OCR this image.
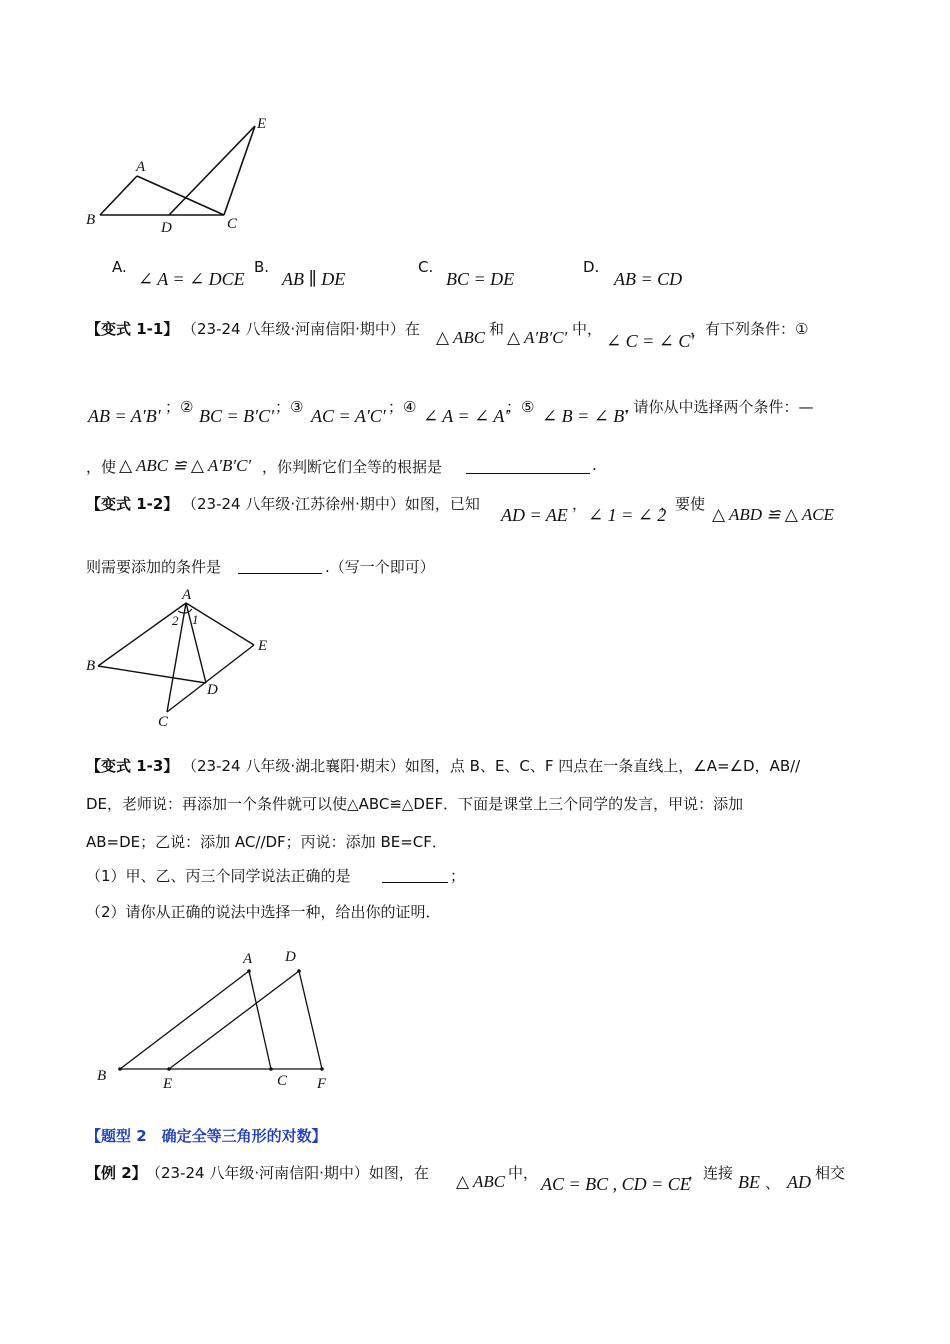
A
B	D	C
E
A.
∠ A = ∠ DCE
B.
AB ∥ DE
C.
BC = DE
D.
AB = CD
【变式 1-1】 （23-24 八年级·河南信阳·期中）在 △ ABC 和 △ A′B′C′ 中，
∠ C = ∠ C′
，有下列条件：①
AB = A′B′ ；② BC = B′C′ ；③ AC = A′C′ ；④ ∠ A = ∠ A′
；⑤ ∠ B = ∠ B′
. 请你从中选择两个条件：—
，使 △ ABC ≌ △ A′B′C′ ，你判断它们全等的根据是	.
【变式 1-2】 （23-24 八年级·江苏徐州·期中）如图，已知
AD = AE
，
∠ 1 = ∠ 2
，要使
△ ABD ≌ △ ACE
则需要添加的条件是	.（写一个即可）
A
B
C
D
E
2 1
【变式 1-3】 （23-24 八年级·湖北襄阳·期末）如图，点 B、E、C、F 四点在一条直线上，∠A=∠D，AB//
DE，老师说：再添加一个条件就可以使△ABC≌△DEF．下面是课堂上三个同学的发言，甲说：添加
AB=DE；乙说：添加 AC//DF；丙说：添加 BE=CF．
（1）甲、乙、丙三个同学说法正确的是	；
（2）请你从正确的说法中选择一种，给出你的证明．
A D
B	E	C F
【题型 2　确定全等三角形的对数】
【例 2】 （23-24 八年级·河南信阳·期中）如图，在 △ ABC 中，
AC = BC , CD = CE
，连接 BE 、 AD 相交
